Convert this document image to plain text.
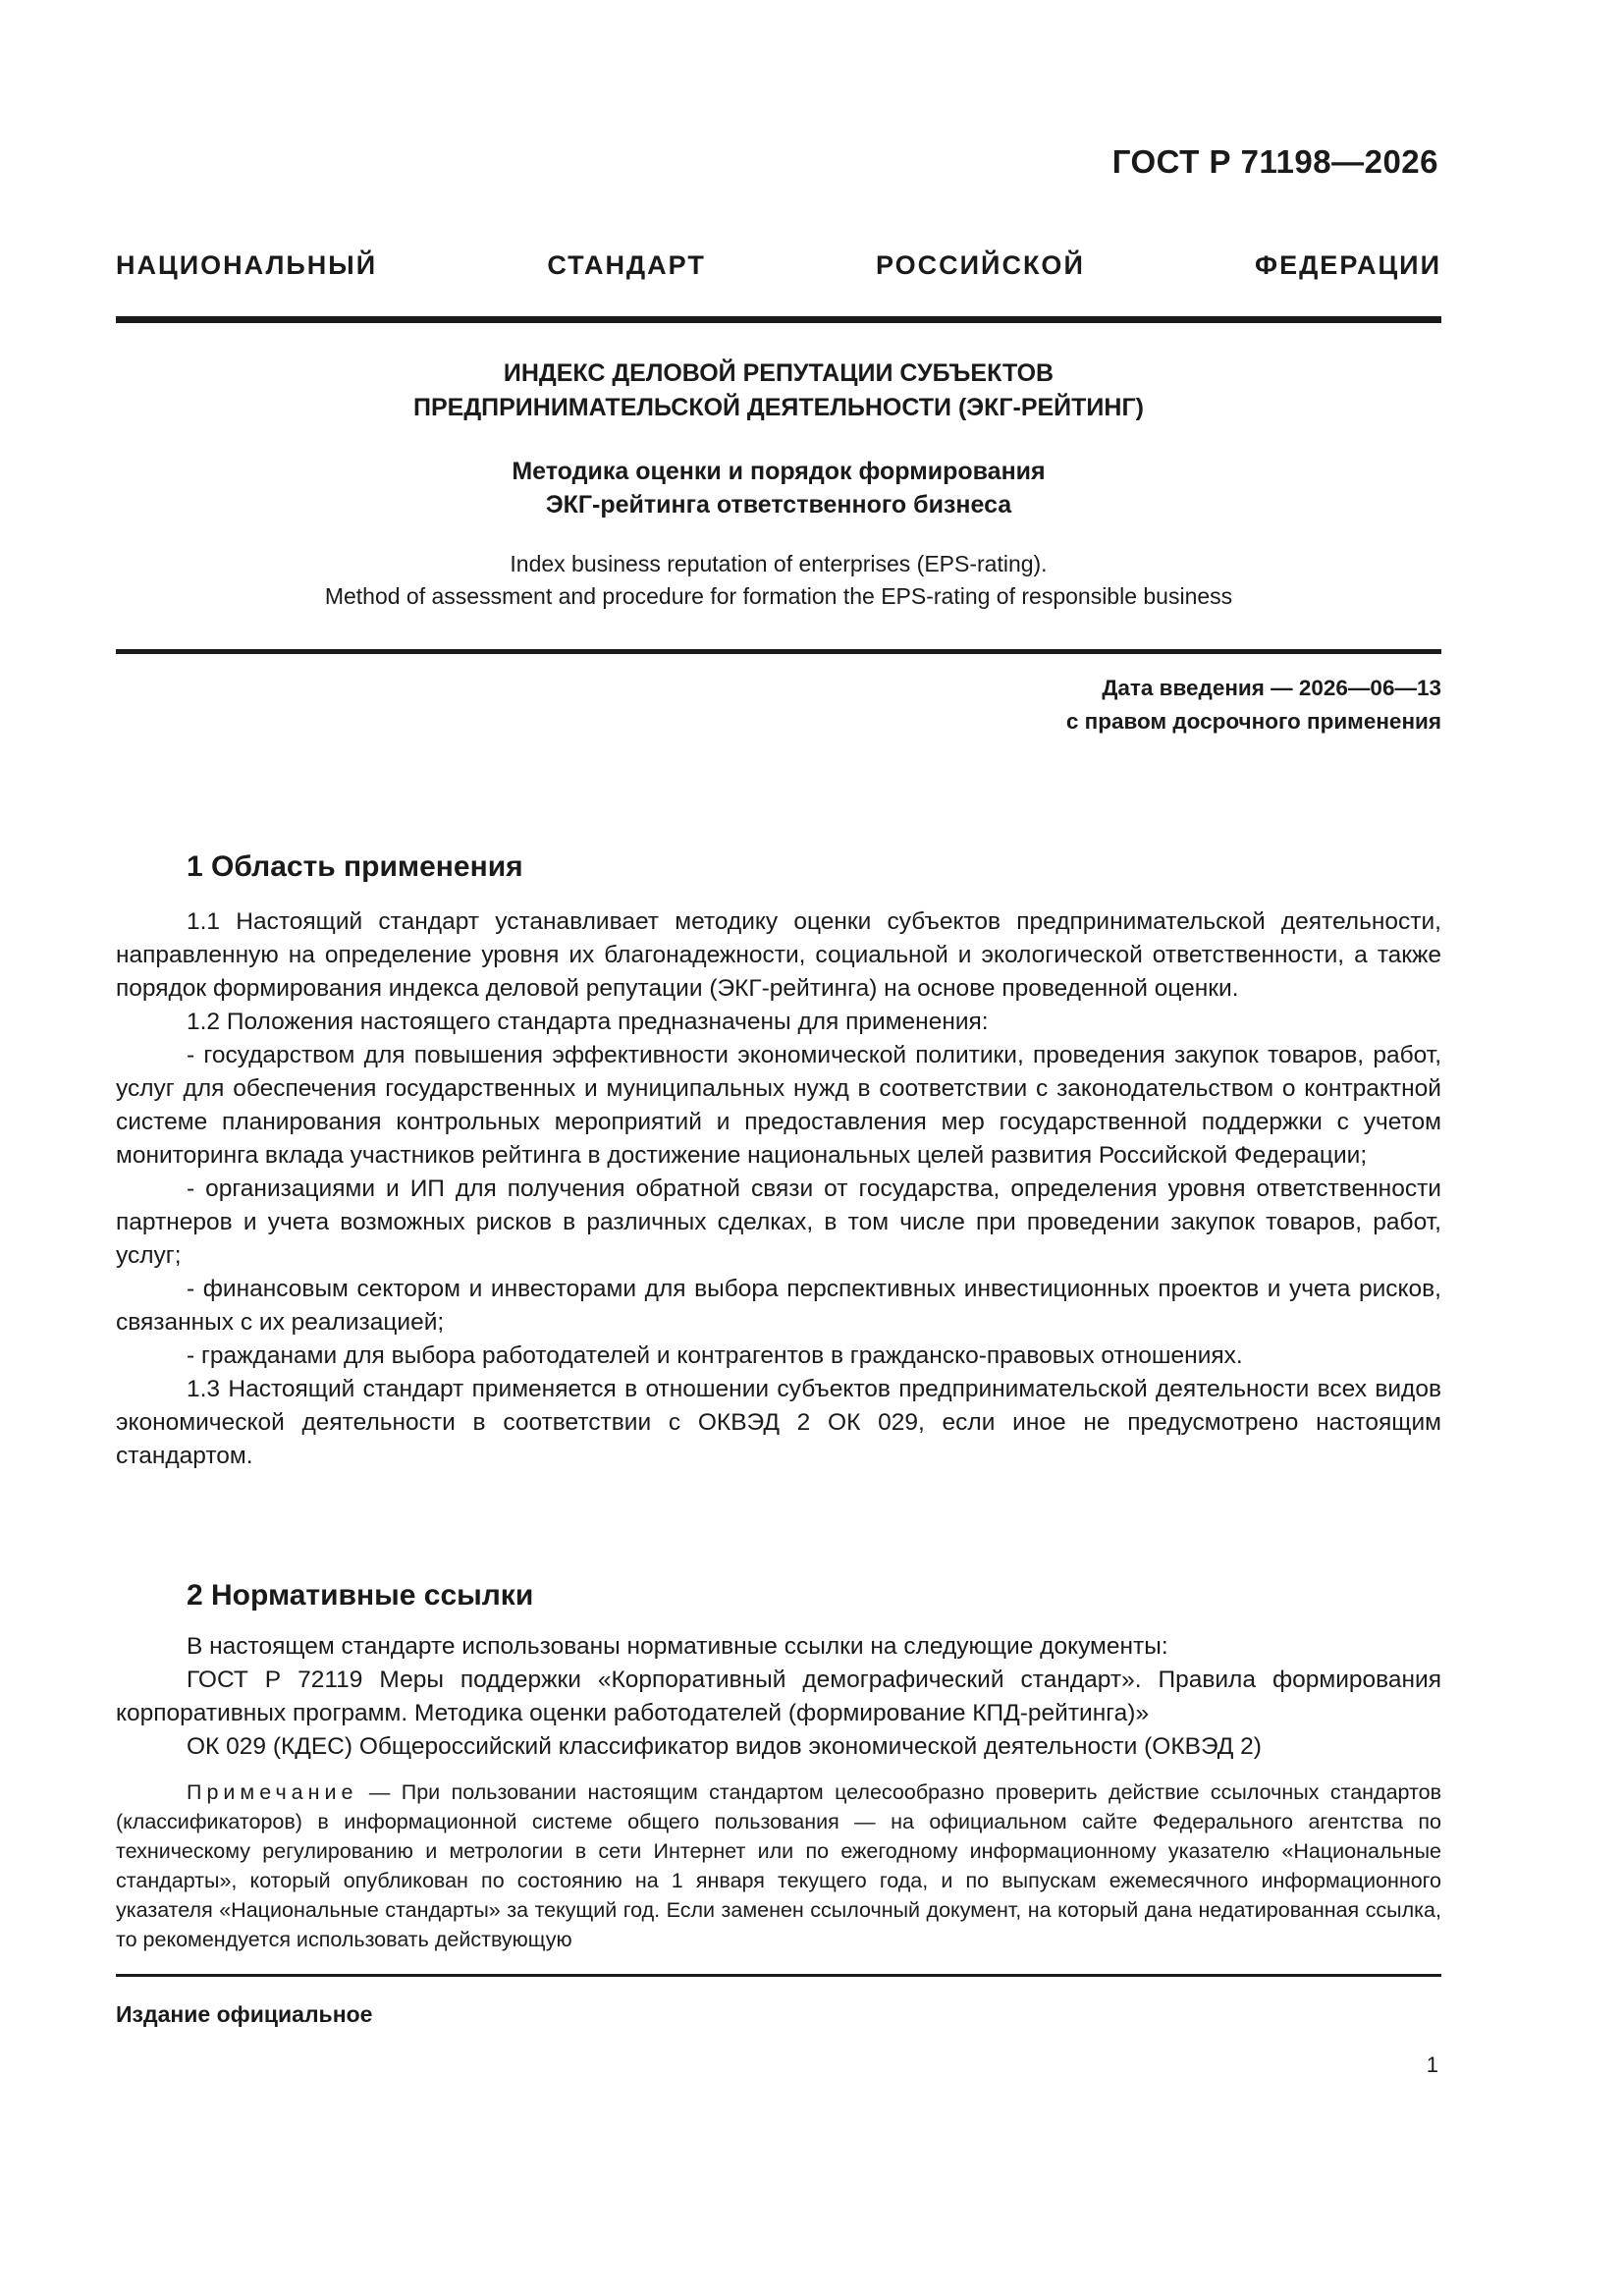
ГОСТ Р 71198—2026
НАЦИОНАЛЬНЫЙ СТАНДАРТ РОССИЙСКОЙ ФЕДЕРАЦИИ
ИНДЕКС ДЕЛОВОЙ РЕПУТАЦИИ СУБЪЕКТОВ
ПРЕДПРИНИМАТЕЛЬСКОЙ ДЕЯТЕЛЬНОСТИ (ЭКГ-РЕЙТИНГ)
Методика оценки и порядок формирования
ЭКГ-рейтинга ответственного бизнеса
Index business reputation of enterprises (EPS-rating).
Method of assessment and procedure for formation the EPS-rating of responsible business
Дата введения — 2026—06—13
с правом досрочного применения
1 Область применения

1.1 Настоящий стандарт устанавливает методику оценки субъектов предпринимательской деятельности, направленную на определение уровня их благонадежности, социальной и экологической ответственности, а также порядок формирования индекса деловой репутации (ЭКГ-рейтинга) на основе проведенной оценки.

1.2 Положения настоящего стандарта предназначены для применения:

- государством для повышения эффективности экономической политики, проведения закупок товаров, работ, услуг для обеспечения государственных и муниципальных нужд в соответствии с законодательством о контрактной системе планирования контрольных мероприятий и предоставления мер государственной поддержки с учетом мониторинга вклада участников рейтинга в достижение национальных целей развития Российской Федерации;

- организациями и ИП для получения обратной связи от государства, определения уровня ответственности партнеров и учета возможных рисков в различных сделках, в том числе при проведении закупок товаров, работ, услуг;

- финансовым сектором и инвесторами для выбора перспективных инвестиционных проектов и учета рисков, связанных с их реализацией;

- гражданами для выбора работодателей и контрагентов в гражданско-правовых отношениях.

1.3 Настоящий стандарт применяется в отношении субъектов предпринимательской деятельности всех видов экономической деятельности в соответствии с ОКВЭД 2 ОК 029, если иное не предусмотрено настоящим стандартом.

2 Нормативные ссылки

В настоящем стандарте использованы нормативные ссылки на следующие документы:

ГОСТ Р 72119 Меры поддержки «Корпоративный демографический стандарт». Правила формирования корпоративных программ. Методика оценки работодателей (формирование КПД-рейтинга)»

ОК 029 (КДЕС) Общероссийский классификатор видов экономической деятельности (ОКВЭД 2)

Примечание — При пользовании настоящим стандартом целесообразно проверить действие ссылочных стандартов (классификаторов) в информационной системе общего пользования — на официальном сайте Федерального агентства по техническому регулированию и метрологии в сети Интернет или по ежегодному информационному указателю «Национальные стандарты», который опубликован по состоянию на 1 января текущего года, и по выпускам ежемесячного информационного указателя «Национальные стандарты» за текущий год. Если заменен ссылочный документ, на который дана недатированная ссылка, то рекомендуется использовать действующую

Издание официальное
1
